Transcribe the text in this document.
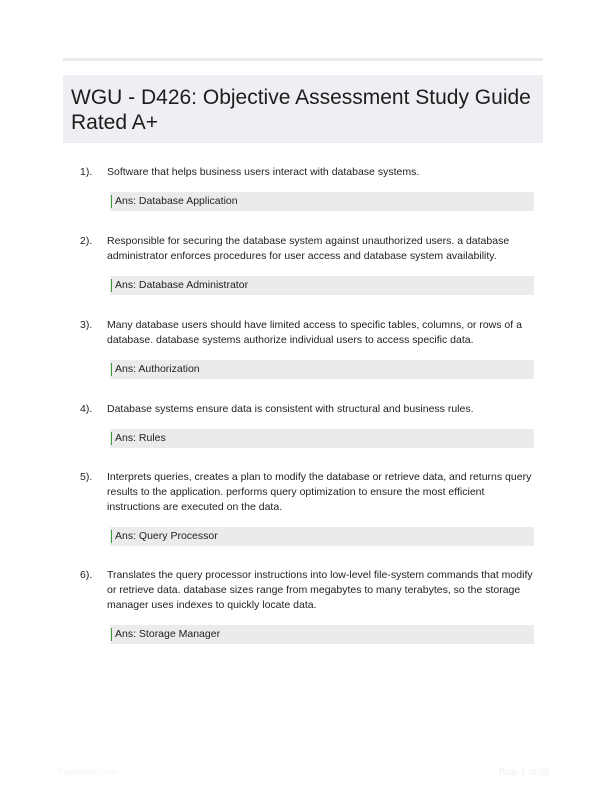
WGU - D426: Objective Assessment Study Guide Rated A+
1).	Software that helps business users interact with database systems.
Ans: Database Application
2).	Responsible for securing the database system against unauthorized users. a database administrator enforces procedures for user access and database system availability.
Ans: Database Administrator
3).	Many database users should have limited access to specific tables, columns, or rows of a database. database systems authorize individual users to access specific data.
Ans: Authorization
4).	Database systems ensure data is consistent with structural and business rules.
Ans: Rules
5).	Interprets queries, creates a plan to modify the database or retrieve data, and returns query results to the application. performs query optimization to ensure the most efficient instructions are executed on the data.
Ans: Query Processor
6).	Translates the query processor instructions into low-level file-system commands that modify or retrieve data. database sizes range from megabytes to many terabytes, so the storage manager uses indexes to quickly locate data.
Ans: Storage Manager
Paperlibic.com	Page 1 of 20
